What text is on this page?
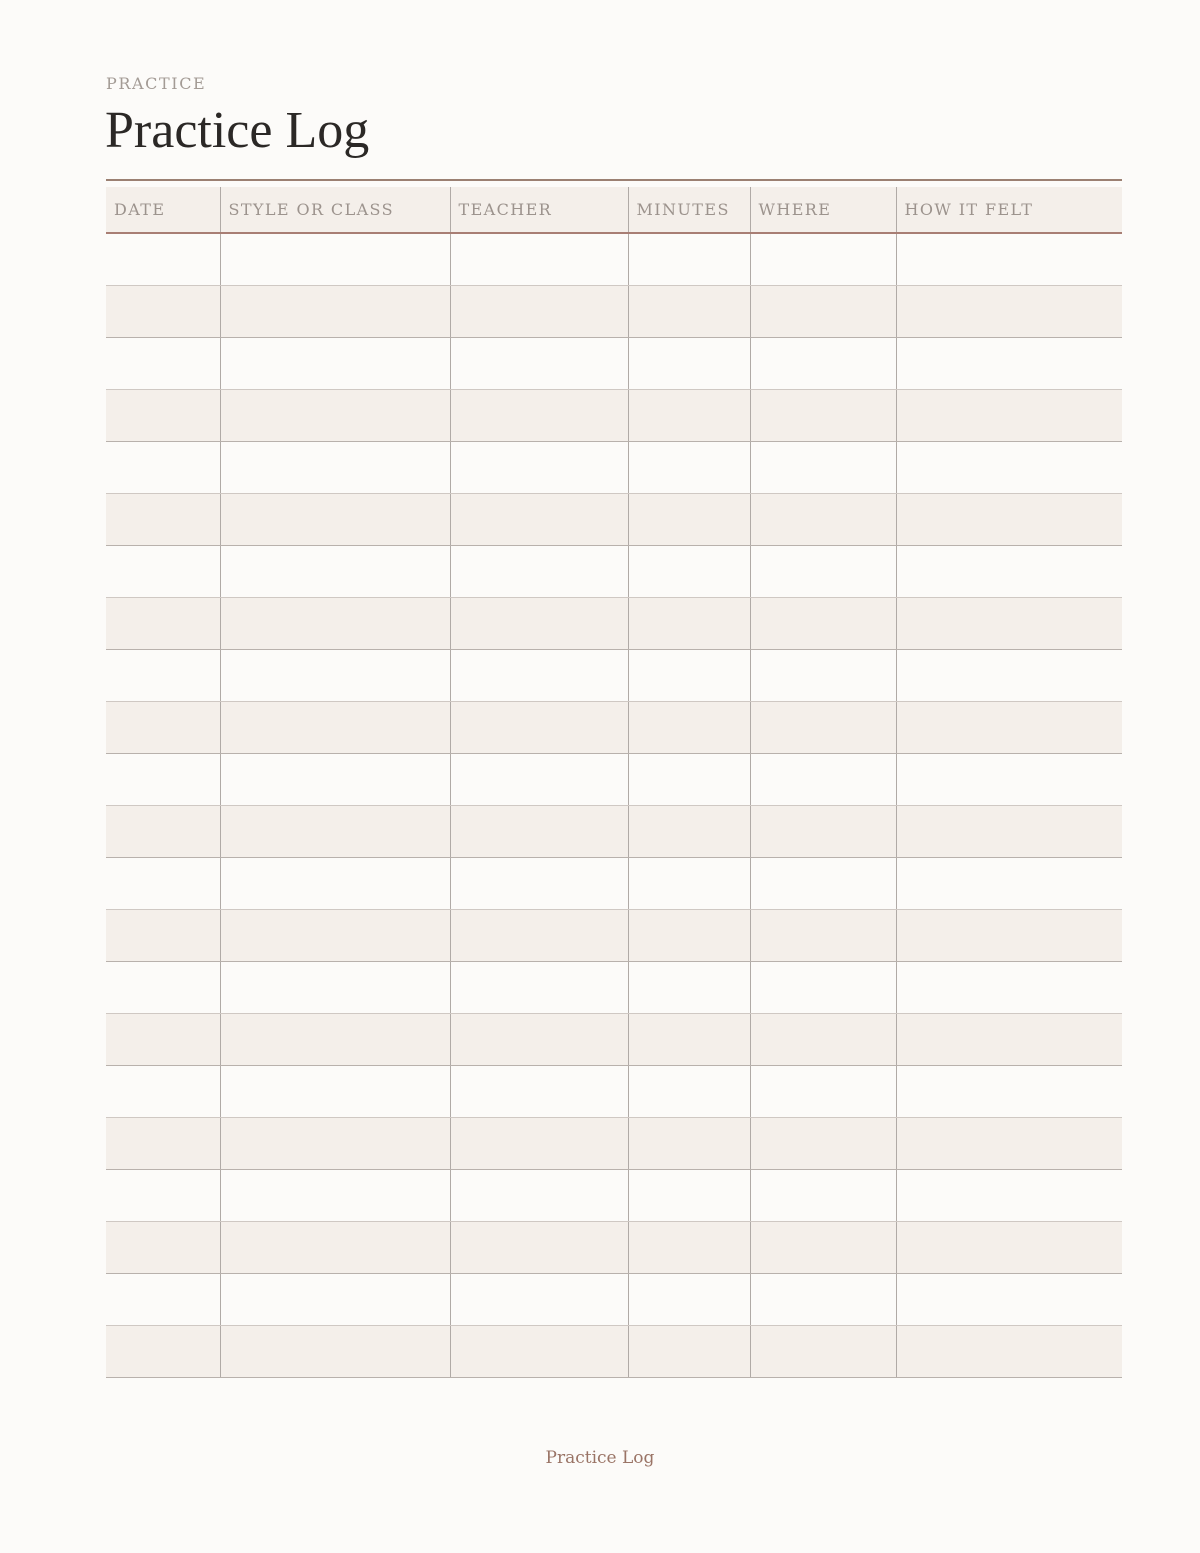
PRACTICE
Practice Log
DATE	STYLE OR CLASS	TEACHER	MINUTES	WHERE	HOW IT FELT

Practice Log
